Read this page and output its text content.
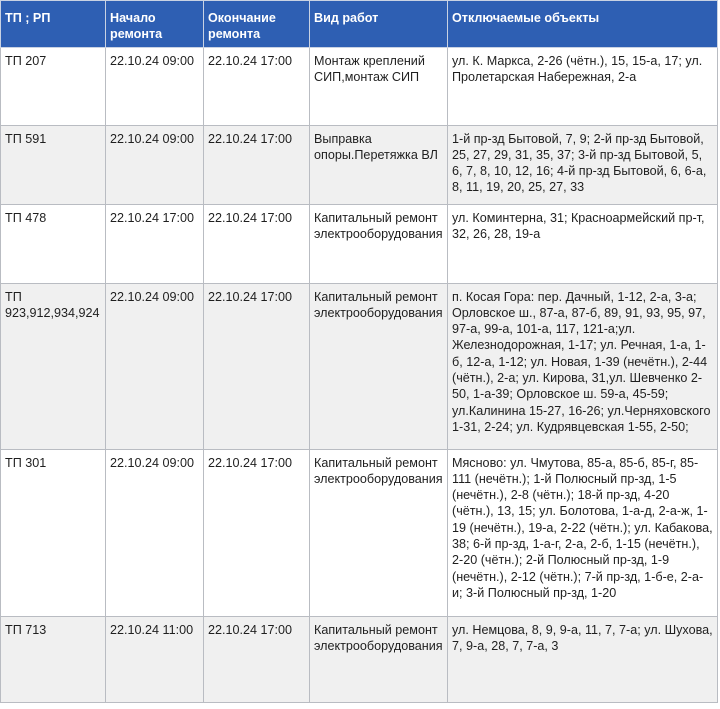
ТП ; РП	Начало ремонта	Окончание ремонта	Вид работ	Отключаемые объекты
ТП 207	22.10.24 09:00	22.10.24 17:00	Монтаж креплений СИП,монтаж СИП	ул. К. Маркса, 2-26 (чётн.), 15, 15-а, 17; ул. Пролетарская Набережная, 2-а
ТП 591	22.10.24 09:00	22.10.24 17:00	Выправка опоры.Перетяжка ВЛ	1-й пр-зд Бытовой, 7, 9; 2-й пр-зд Бытовой, 25, 27, 29, 31, 35, 37; 3-й пр-зд Бытовой, 5, 6, 7, 8, 10, 12, 16; 4-й пр-зд Бытовой, 6, 6-а, 8, 11, 19, 20, 25, 27, 33
ТП 478	22.10.24 17:00	22.10.24 17:00	Капитальный ремонт электрооборудования	ул. Коминтерна, 31; Красноармейский пр-т, 32, 26, 28, 19-а
ТП 923,912,934,924	22.10.24 09:00	22.10.24 17:00	Капитальный ремонт электрооборудования	п. Косая Гора: пер. Дачный, 1-12, 2-а, 3-а; Орловское ш., 87-а, 87-б, 89, 91, 93, 95, 97, 97-а, 99-а, 101-а, 117, 121-а;ул. Железнодорожная, 1-17; ул. Речная, 1-а, 1-б, 12-а, 1-12; ул. Новая, 1-39 (нечётн.), 2-44 (чётн.), 2-а; ул. Кирова, 31,ул. Шевченко 2-50, 1-а-39; Орловское ш. 59-а, 45-59; ул.Калинина 15-27, 16-26; ул.Черняховского 1-31, 2-24; ул. Кудрявцевская 1-55, 2-50;
ТП 301	22.10.24 09:00	22.10.24 17:00	Капитальный ремонт электрооборудования	Мясново: ул. Чмутова, 85-а, 85-б, 85-г, 85-111 (нечётн.); 1-й Полюсный пр-зд, 1-5 (нечётн.), 2-8 (чётн.); 18-й пр-зд, 4-20 (чётн.), 13, 15; ул. Болотова, 1-а-д, 2-а-ж, 1-19 (нечётн.), 19-а, 2-22 (чётн.); ул. Кабакова, 38; 6-й пр-зд, 1-а-г, 2-а, 2-б, 1-15 (нечётн.), 2-20 (чётн.); 2-й Полюсный пр-зд, 1-9 (нечётн.), 2-12 (чётн.); 7-й пр-зд, 1-б-е, 2-а-и; 3-й Полюсный пр-зд, 1-20
ТП 713	22.10.24 11:00	22.10.24 17:00	Капитальный ремонт электрооборудования	ул. Немцова, 8, 9, 9-а, 11, 7, 7-а; ул. Шухова, 7, 9-а, 28, 7, 7-а, 3
